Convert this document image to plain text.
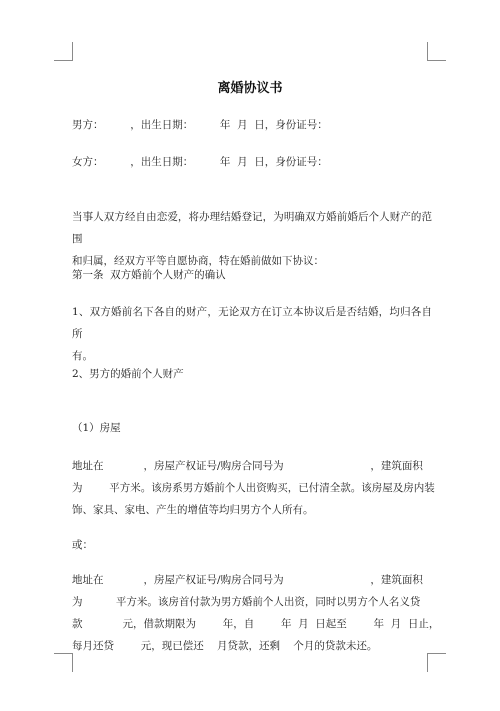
离婚协议书
男方：        ，出生日期：        年  月  日，身份证号：
女方：        ，出生日期：        年  月  日，身份证号：
当事人双方经自由恋爱，将办理结婚登记，为明确双方婚前婚后个人财产的范围
和归属，经双方平等自愿协商，特在婚前做如下协议：
第一条  双方婚前个人财产的确认
1、双方婚前名下各自的财产，无论双方在订立本协议后是否结婚，均归各自所
有。
2、男方的婚前个人财产
（1）房屋
地址在            ，房屋产权证号/购房合同号为                          ，建筑面积
为        平方米。该房系男方婚前个人出资购买，已付清全款。该房屋及房内装
饰、家具、家电、产生的增值等均归男方个人所有。
或：
地址在            ，房屋产权证号/购房合同号为                          ，建筑面积
为          平方米。该房首付款为男方婚前个人出资，同时以男方个人名义贷
款            元，借款期限为        年，自        年  月  日起至        年  月  日止，
每月还贷        元，现已偿还    月贷款，还剩    个月的贷款未还。
